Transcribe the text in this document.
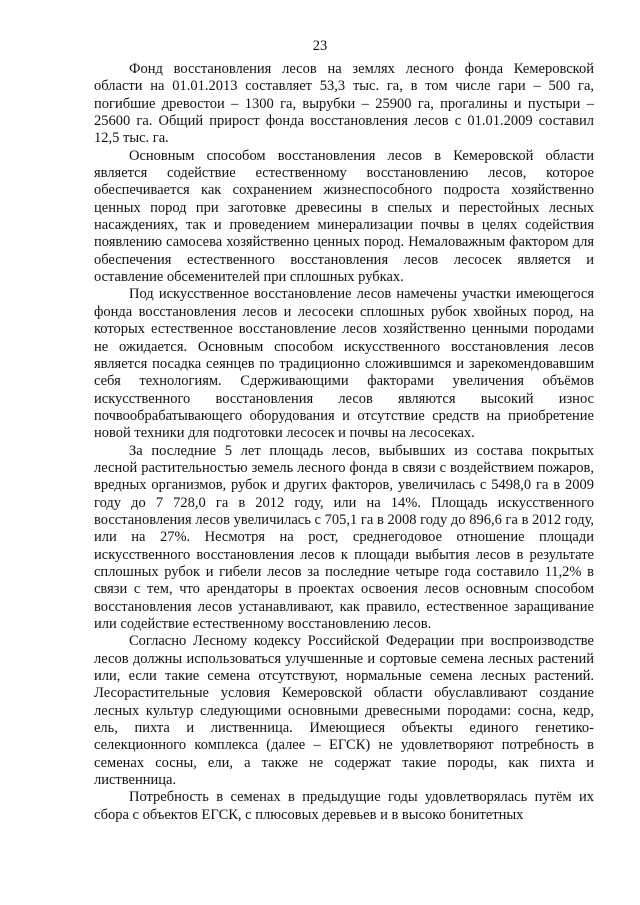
23

Фонд восстановления лесов на землях лесного фонда Кемеровской области на 01.01.2013 составляет 53,3 тыс. га, в том числе гари – 500 га, погибшие древостои – 1300 га, вырубки – 25900 га, прогалины и пустыри – 25600 га. Общий прирост фонда восстановления лесов с 01.01.2009 составил 12,5 тыс. га.

Основным способом восстановления лесов в Кемеровской области является содействие естественному восстановлению лесов, которое обеспечивается как сохранением жизнеспособного подроста хозяйственно ценных пород при заготовке древесины в спелых и перестойных лесных насаждениях, так и проведением минерализации почвы в целях содействия появлению самосева хозяйственно ценных пород. Немаловажным фактором для обеспечения естественного восстановления лесов лесосек является и оставление обсеменителей при сплошных рубках.

Под искусственное восстановление лесов намечены участки имеющегося фонда восстановления лесов и лесосеки сплошных рубок хвойных пород, на которых естественное восстановление лесов хозяйственно ценными породами не ожидается. Основным способом искусственного восстановления лесов является посадка сеянцев по традиционно сложившимся и зарекомендовавшим себя технологиям. Сдерживающими факторами увеличения объёмов искусственного восстановления лесов являются высокий износ почвообрабатывающего оборудования и отсутствие средств на приобретение новой техники для подготовки лесосек и почвы на лесосеках.

За последние 5 лет площадь лесов, выбывших из состава покрытых лесной растительностью земель лесного фонда в связи с воздействием пожаров, вредных организмов, рубок и других факторов, увеличилась с 5498,0 га в 2009 году до 7 728,0 га в 2012 году, или на 14%. Площадь искусственного восстановления лесов увеличилась с 705,1 га в 2008 году до 896,6 га в 2012 году, или на 27%. Несмотря на рост, среднегодовое отношение площади искусственного восстановления лесов к площади выбытия лесов в результате сплошных рубок и гибели лесов за последние четыре года составило 11,2% в связи с тем, что арендаторы в проектах освоения лесов основным способом восстановления лесов устанавливают, как правило, естественное заращивание или содействие естественному восстановлению лесов.

Согласно Лесному кодексу Российской Федерации при воспроизводстве лесов должны использоваться улучшенные и сортовые семена лесных растений или, если такие семена отсутствуют, нормальные семена лесных растений. Лесорастительные условия Кемеровской области обуславливают создание лесных культур следующими основными древесными породами: сосна, кедр, ель, пихта и лиственница. Имеющиеся объекты единого генетико-селекционного комплекса (далее – ЕГСК) не удовлетворяют потребность в семенах сосны, ели, а также не содержат такие породы, как пихта и лиственница.

Потребность в семенах в предыдущие годы удовлетворялась путём их сбора с объектов ЕГСК, с плюсовых деревьев и в высоко бонитетных
